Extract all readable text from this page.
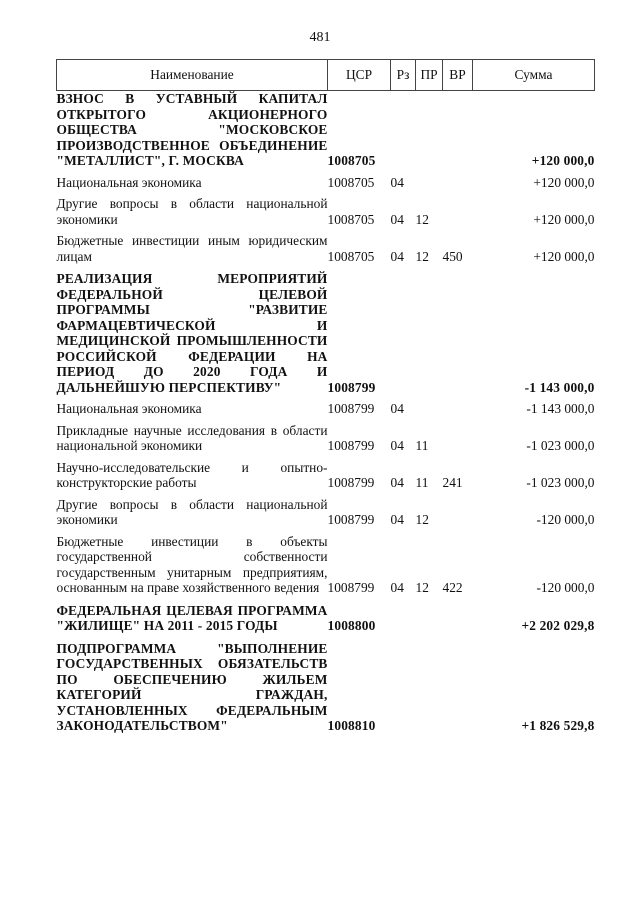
481
Наименование	ЦСР	Рз	ПР	ВР	Сумма
ВЗНОС В УСТАВНЫЙ КАПИТАЛ ОТКРЫТОГО АКЦИОНЕРНОГО ОБЩЕСТВА "МОСКОВСКОЕ ПРОИЗВОДСТВЕННОЕ ОБЪЕДИНЕНИЕ "МЕТАЛЛИСТ", Г. МОСКВА	1008705				+120 000,0
Национальная экономика	1008705	04			+120 000,0
Другие вопросы в области национальной экономики	1008705	04	12		+120 000,0
Бюджетные инвестиции иным юридическим лицам	1008705	04	12	450	+120 000,0
РЕАЛИЗАЦИЯ МЕРОПРИЯТИЙ ФЕДЕРАЛЬНОЙ ЦЕЛЕВОЙ ПРОГРАММЫ "РАЗВИТИЕ ФАРМАЦЕВТИЧЕСКОЙ И МЕДИЦИНСКОЙ ПРОМЫШЛЕННОСТИ РОССИЙСКОЙ ФЕДЕРАЦИИ НА ПЕРИОД ДО 2020 ГОДА И ДАЛЬНЕЙШУЮ ПЕРСПЕКТИВУ"	1008799				-1 143 000,0
Национальная экономика	1008799	04			-1 143 000,0
Прикладные научные исследования в области национальной экономики	1008799	04	11		-1 023 000,0
Научно-исследовательские и опытно-конструкторские работы	1008799	04	11	241	-1 023 000,0
Другие вопросы в области национальной экономики	1008799	04	12		-120 000,0
Бюджетные инвестиции в объекты государственной собственности государственным унитарным предприятиям, основанным на праве хозяйственного ведения	1008799	04	12	422	-120 000,0
ФЕДЕРАЛЬНАЯ ЦЕЛЕВАЯ ПРОГРАММА "ЖИЛИЩЕ" НА 2011 - 2015 ГОДЫ	1008800				+2 202 029,8
ПОДПРОГРАММА "ВЫПОЛНЕНИЕ ГОСУДАРСТВЕННЫХ ОБЯЗАТЕЛЬСТВ ПО ОБЕСПЕЧЕНИЮ ЖИЛЬЕМ КАТЕГОРИЙ ГРАЖДАН, УСТАНОВЛЕННЫХ ФЕДЕРАЛЬНЫМ ЗАКОНОДАТЕЛЬСТВОМ"	1008810				+1 826 529,8
